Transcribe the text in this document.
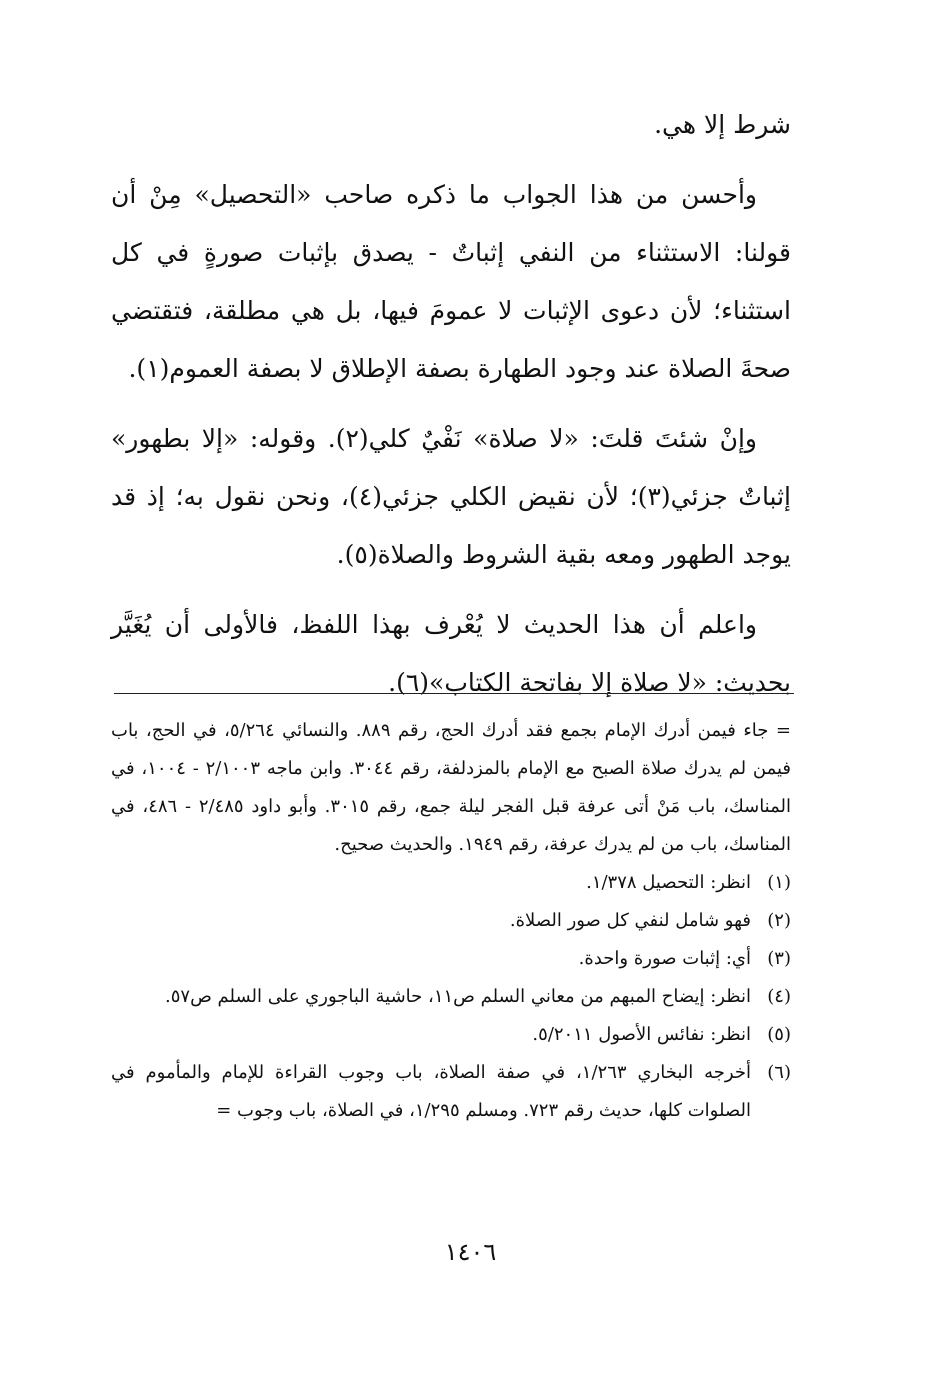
شرط إلا هي.

وأحسن من هذا الجواب ما ذكره صاحب «التحصيل» مِنْ أن قولنا: الاستثناء من النفي إثباتٌ - يصدق بإثبات صورةٍ في كل استثناء؛ لأن دعوى الإثبات لا عمومَ فيها، بل هي مطلقة، فتقتضي صحةَ الصلاة عند وجود الطهارة بصفة الإطلاق لا بصفة العموم(١).

وإنْ شئتَ قلتَ: «لا صلاة» نَفْيٌ كلي(٢). وقوله: «إلا بطهور» إثباتٌ جزئي(٣)؛ لأن نقيض الكلي جزئي(٤)، ونحن نقول به؛ إذ قد يوجد الطهور ومعه بقية الشروط والصلاة(٥).

واعلم أن هذا الحديث لا يُعْرف بهذا اللفظ، فالأولى أن يُغَيَّر بحديث: «لا صلاة إلا بفاتحة الكتاب»(٦).

= جاء فيمن أدرك الإمام بجمع فقد أدرك الحج، رقم ٨٨٩. والنسائي ٥/٢٦٤، في الحج، باب فيمن لم يدرك صلاة الصبح مع الإمام بالمزدلفة، رقم ٣٠٤٤. وابن ماجه ٢/١٠٠٣ - ١٠٠٤، في المناسك، باب مَنْ أتى عرفة قبل الفجر ليلة جمع، رقم ٣٠١٥. وأبو داود ٢/٤٨٥ - ٤٨٦، في المناسك، باب من لم يدرك عرفة، رقم ١٩٤٩. والحديث صحيح.

(١)
انظر: التحصيل ١/٣٧٨.
(٢)
فهو شامل لنفي كل صور الصلاة.
(٣)
أي: إثبات صورة واحدة.
(٤)
انظر: إيضاح المبهم من معاني السلم ص١١، حاشية الباجوري على السلم ص٥٧.
(٥)
انظر: نفائس الأصول ٥/٢٠١١.
(٦)
أخرجه البخاري ١/٢٦٣، في صفة الصلاة، باب وجوب القراءة للإمام والمأموم في الصلوات كلها، حديث رقم ٧٢٣. ومسلم ١/٢٩٥، في الصلاة، باب وجوب =
١٤٠٦
